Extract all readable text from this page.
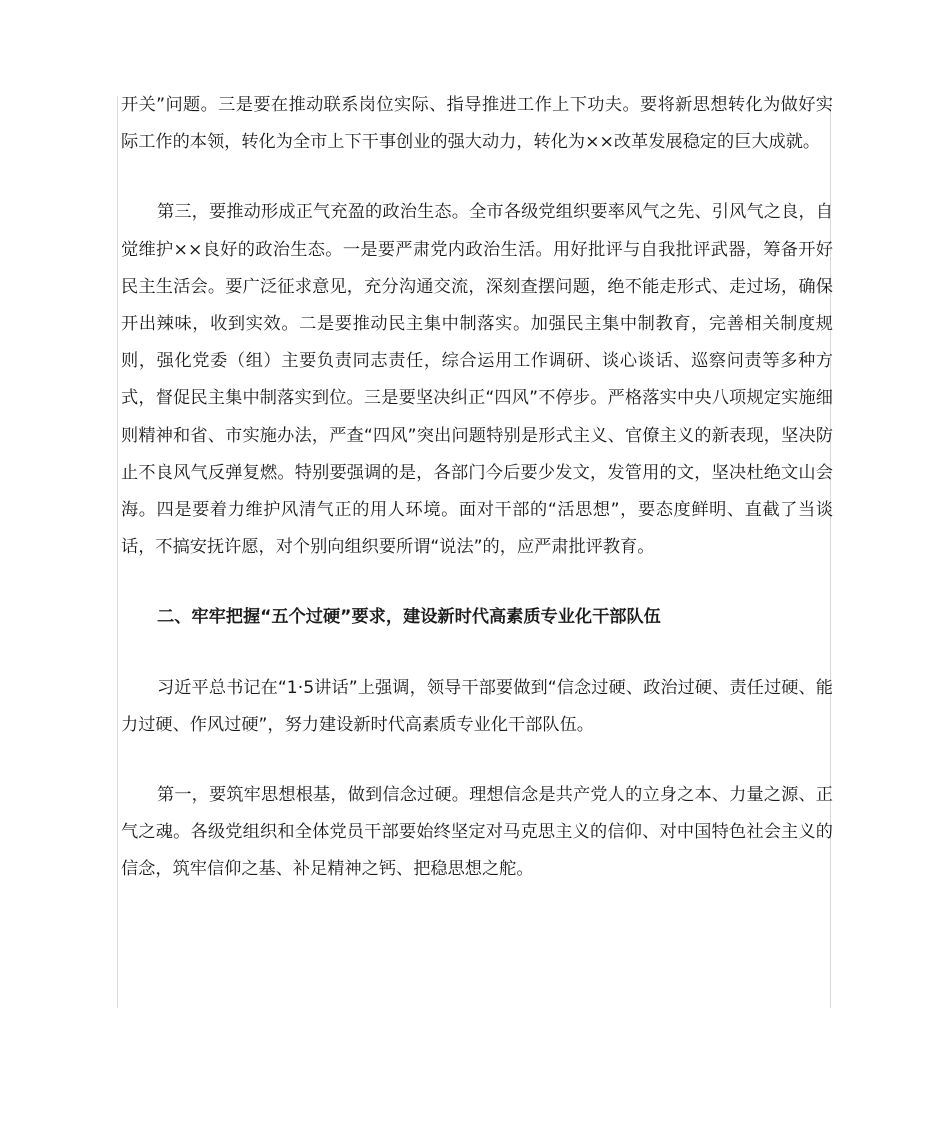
开关”问题。三是要在推动联系岗位实际、指导推进工作上下功夫。要将新思想转化为做好实际工作的本领，转化为全市上下干事创业的强大动力，转化为××改革发展稳定的巨大成就。

第三，要推动形成正气充盈的政治生态。全市各级党组织要率风气之先、引风气之良，自觉维护××良好的政治生态。一是要严肃党内政治生活。用好批评与自我批评武器，筹备开好民主生活会。要广泛征求意见，充分沟通交流，深刻查摆问题，绝不能走形式、走过场，确保开出辣味，收到实效。二是要推动民主集中制落实。加强民主集中制教育，完善相关制度规则，强化党委（组）主要负责同志责任，综合运用工作调研、谈心谈话、巡察问责等多种方式，督促民主集中制落实到位。三是要坚决纠正“四风”不停步。严格落实中央八项规定实施细则精神和省、市实施办法，严查“四风”突出问题特别是形式主义、官僚主义的新表现，坚决防止不良风气反弹复燃。特别要强调的是，各部门今后要少发文，发管用的文，坚决杜绝文山会海。四是要着力维护风清气正的用人环境。面对干部的“活思想”，要态度鲜明、直截了当谈话，不搞安抚许愿，对个别向组织要所谓“说法”的，应严肃批评教育。

二、牢牢把握“五个过硬”要求，建设新时代高素质专业化干部队伍

习近平总书记在“1·5讲话”上强调，领导干部要做到“信念过硬、政治过硬、责任过硬、能力过硬、作风过硬”，努力建设新时代高素质专业化干部队伍。

第一，要筑牢思想根基，做到信念过硬。理想信念是共产党人的立身之本、力量之源、正气之魂。各级党组织和全体党员干部要始终坚定对马克思主义的信仰、对中国特色社会主义的信念，筑牢信仰之基、补足精神之钙、把稳思想之舵。
